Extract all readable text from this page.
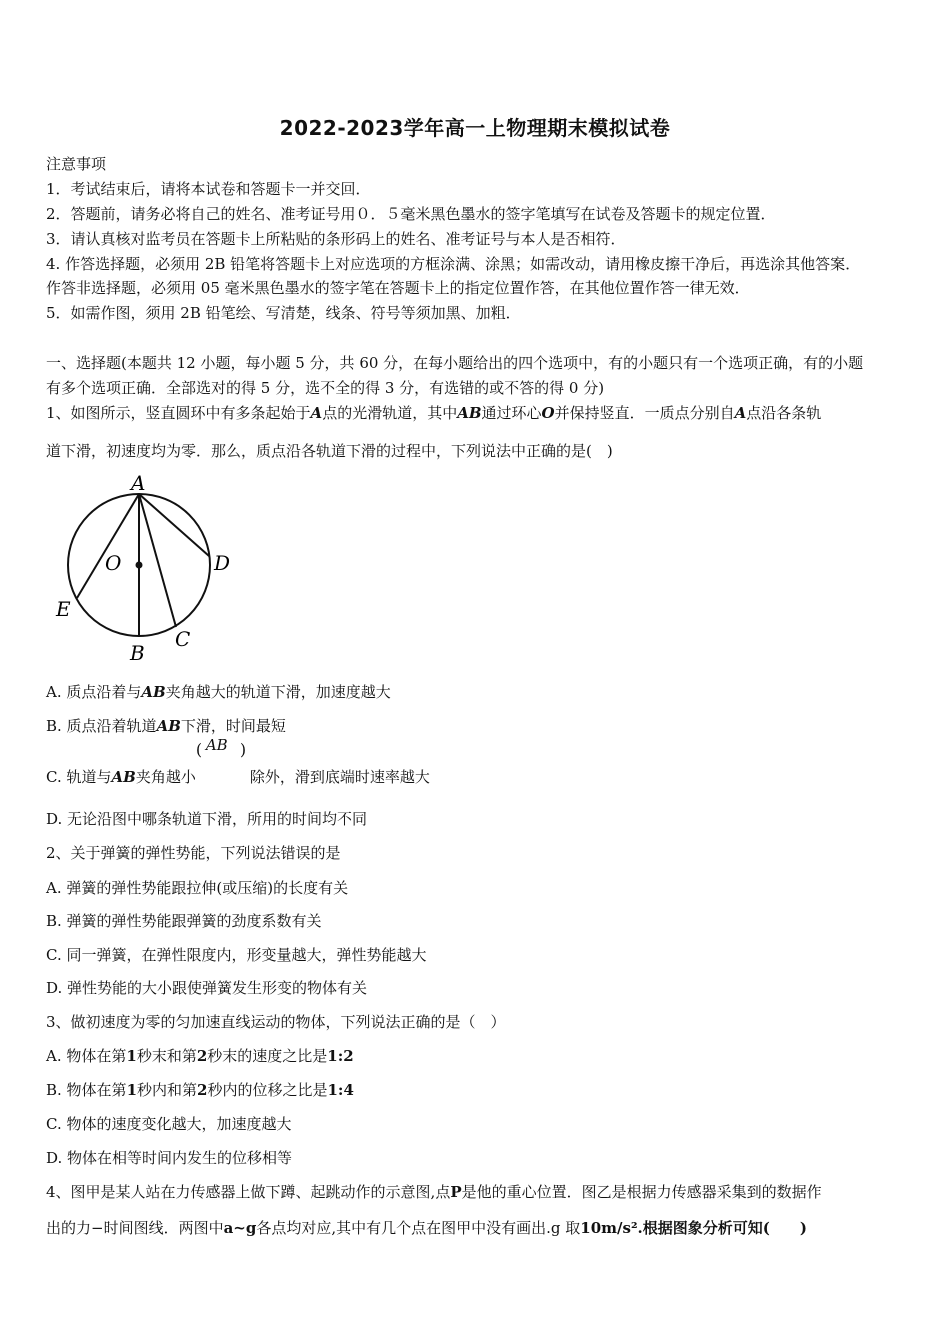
2022-2023学年高一上物理期末模拟试卷
注意事项
1．考试结束后，请将本试卷和答题卡一并交回．
2．答题前，请务必将自己的姓名、准考证号用０．５毫米黑色墨水的签字笔填写在试卷及答题卡的规定位置．
3．请认真核对监考员在答题卡上所粘贴的条形码上的姓名、准考证号与本人是否相符．
4. 作答选择题，必须用 2B 铅笔将答题卡上对应选项的方框涂满、涂黑；如需改动，请用橡皮擦干净后，再选涂其他答案．
作答非选择题，必须用 05 毫米黑色墨水的签字笔在答题卡上的指定位置作答，在其他位置作答一律无效．
5．如需作图，须用 2B 铅笔绘、写清楚，线条、符号等须加黑、加粗．
一、选择题(本题共 12 小题，每小题 5 分，共 60 分，在每小题给出的四个选项中，有的小题只有一个选项正确，有的小题
有多个选项正确．全部选对的得 5 分，选不全的得 3 分，有选错的或不答的得 0 分)
1、如图所示，竖直圆环中有多条起始于A点的光滑轨道，其中AB通过环心O并保持竖直．一质点分别自A点沿各条轨
道下滑，初速度均为零．那么，质点沿各轨道下滑的过程中，下列说法中正确的是(　)
A
O	D
E
B
C
A. 质点沿着与AB夹角越大的轨道下滑，加速度越大
B. 质点沿着轨道AB下滑，时间最短
C. 轨道与AB夹角越小
( AB )
除外，滑到底端时速率越大
D. 无论沿图中哪条轨道下滑，所用的时间均不同
2、关于弹簧的弹性势能，下列说法错误的是
A. 弹簧的弹性势能跟拉伸(或压缩)的长度有关
B. 弹簧的弹性势能跟弹簧的劲度系数有关
C. 同一弹簧，在弹性限度内，形变量越大，弹性势能越大
D. 弹性势能的大小跟使弹簧发生形变的物体有关
3、做初速度为零的匀加速直线运动的物体，下列说法正确的是（　）
A. 物体在第1秒末和第2秒末的速度之比是1:2
B. 物体在第1秒内和第2秒内的位移之比是1:4
C. 物体的速度变化越大，加速度越大
D. 物体在相等时间内发生的位移相等
4、图甲是某人站在力传感器上做下蹲、起跳动作的示意图,点P是他的重心位置．图乙是根据力传感器采集到的数据作
出的力−时间图线．两图中a~g各点均对应,其中有几个点在图甲中没有画出.g 取10m/s².根据图象分析可知(　　)
